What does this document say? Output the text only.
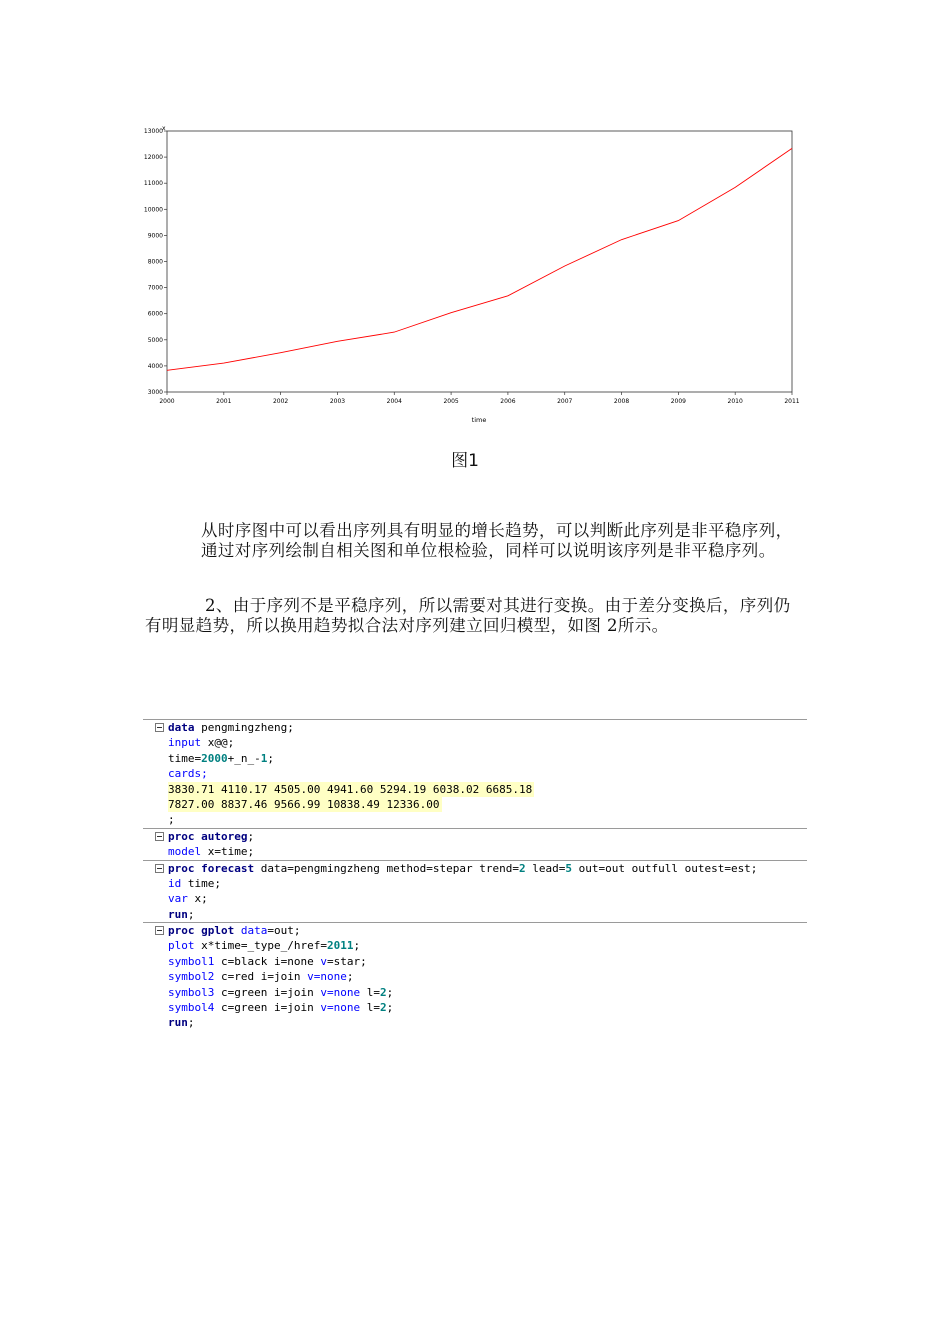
3000
4000
5000
6000
7000
8000
9000
10000
11000
12000
13000
2000	2001	2002	2003	2004	2005	2006	2007	2008	2009	2010	2011
x
time
图1
从时序图中可以看出序列具有明显的增长趋势，可以判断此序列是非平稳序列，通过对序列绘制自相关图和单位根检验，同样可以说明该序列是非平稳序列。
2、由于序列不是平稳序列，所以需要对其进行变换。由于差分变换后，序列仍有明显趋势，所以换用趋势拟合法对序列建立回归模型，如图 2所示。
data pengmingzheng;
input x@@;
time=2000+_n_-1;
cards;
3830.71 4110.17 4505.00 4941.60 5294.19 6038.02 6685.18
7827.00 8837.46 9566.99 10838.49 12336.00
;
proc autoreg;
model x=time;
proc forecast data=pengmingzheng method=stepar trend=2 lead=5 out=out outfull outest=est;
id time;
var x;
run;
proc gplot data=out;
plot x*time=_type_/href=2011;
symbol1 c=black i=none v=star;
symbol2 c=red i=join v=none;
symbol3 c=green i=join v=none l=2;
symbol4 c=green i=join v=none l=2;
run;
